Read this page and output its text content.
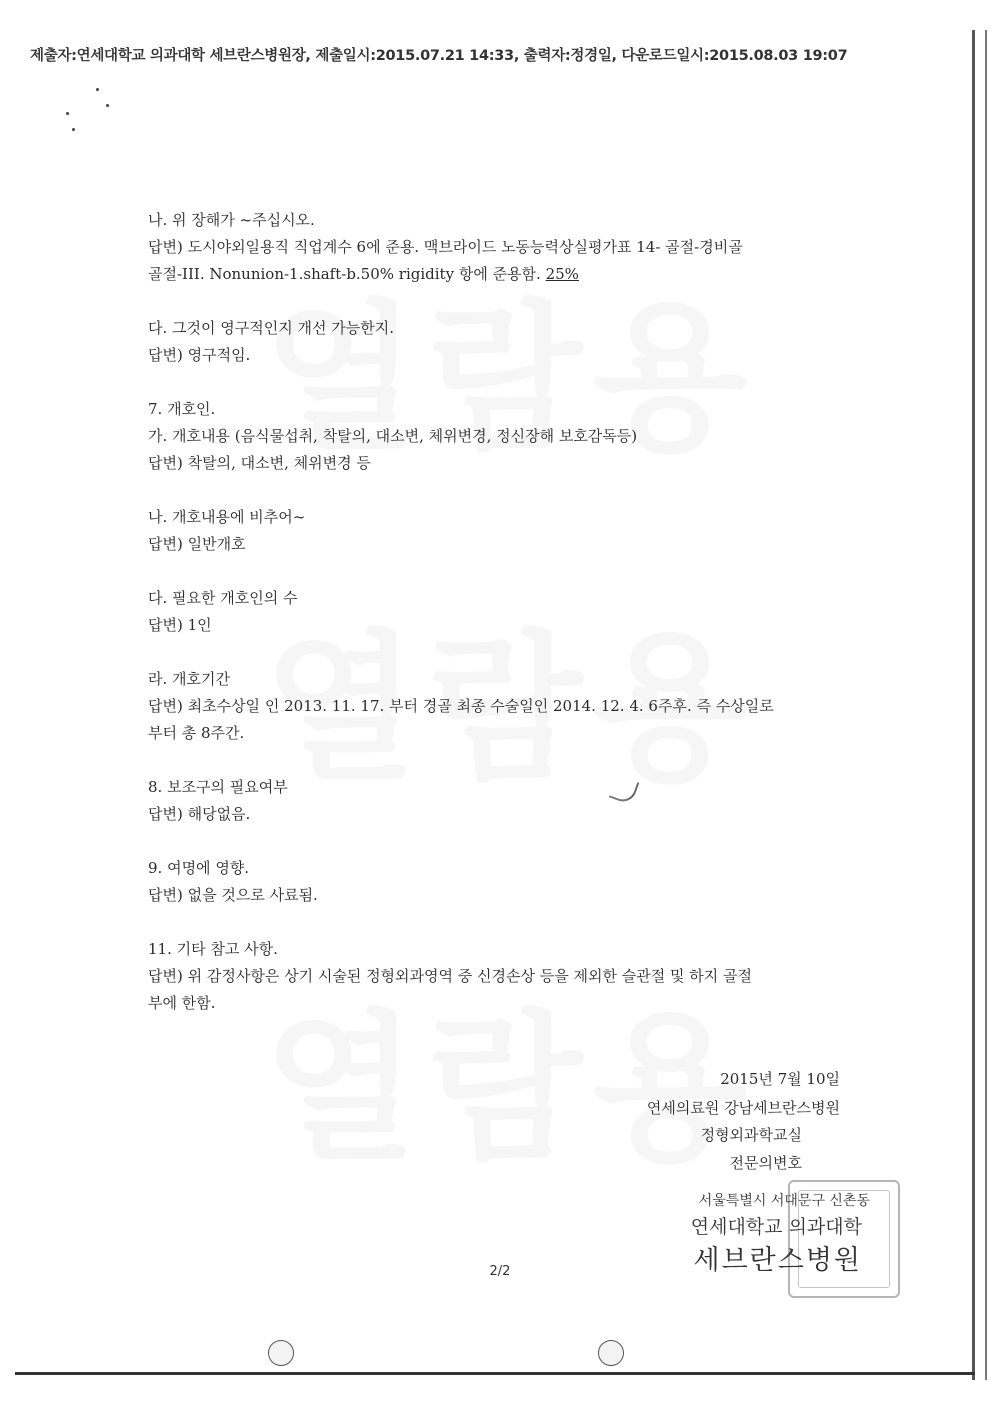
제출자:연세대학교 의과대학 세브란스병원장, 제출일시:2015.07.21 14:33, 출력자:정경일, 다운로드일시:2015.08.03 19:07

나. 위 장해가 ~주십시오.

답변) 도시야외일용직 직업계수 6에 준용. 맥브라이드 노동능력상실평가표 14- 골절-경비골

골절-III. Nonunion-1.shaft-b.50% rigidity 항에 준용함. 25%

다. 그것이 영구적인지 개선 가능한지.

답변) 영구적임.

7. 개호인.

가. 개호내용 (음식물섭취, 착탈의, 대소변, 체위변경, 정신장해 보호감독등)

답변) 착탈의, 대소변, 체위변경 등

나. 개호내용에 비추어~

답변) 일반개호

다. 필요한 개호인의 수

답변) 1인

라. 개호기간

답변) 최초수상일 인 2013. 11. 17. 부터 경골 최종 수술일인 2014. 12. 4. 6주후. 즉 수상일로

부터 총 8주간.

8. 보조구의 필요여부

답변) 해당없음.

9. 여명에 영향.

답변) 없을 것으로 사료됨.

11. 기타 참고 사항.

답변) 위 감정사항은 상기 시술된 정형외과영역 중 신경손상 등을 제외한 슬관절 및 하지 골절

부에 한함.

2015년 7월 10일
연세의료원 강남세브란스병원
정형외과학교실
전문의변호
서울특별시 서대문구 신촌동
연세대학교 의과대학
세브란스병원
2/2
